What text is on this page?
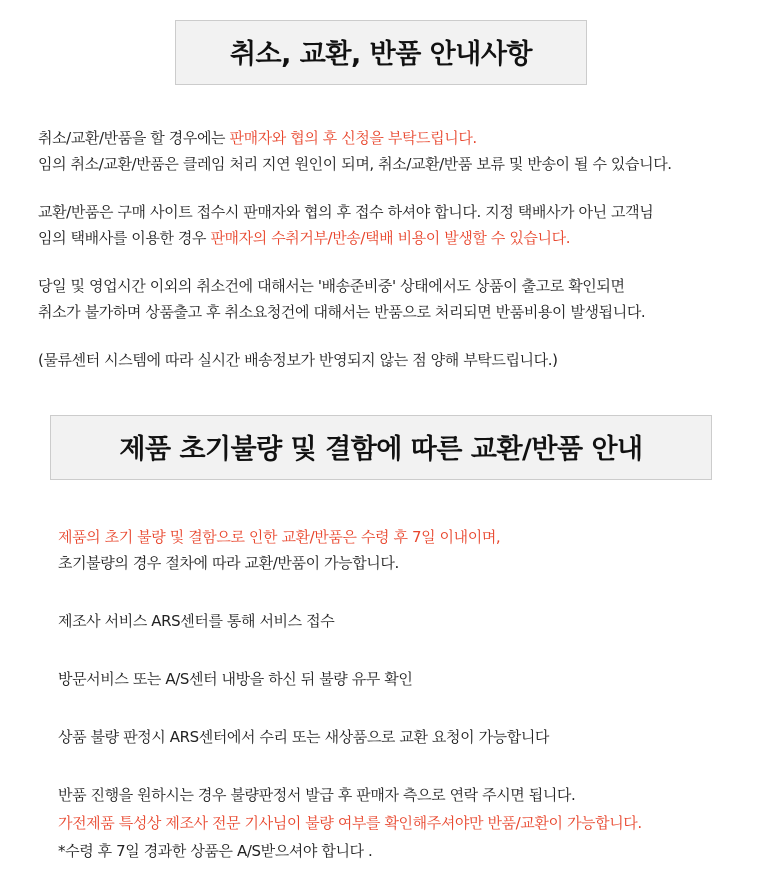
취소, 교환, 반품 안내사항

취소/교환/반품을 할 경우에는 판매자와 협의 후 신청을 부탁드립니다.
임의 취소/교환/반품은 클레임 처리 지연 원인이 되며, 취소/교환/반품 보류 및 반송이 될 수 있습니다.

교환/반품은 구매 사이트 접수시 판매자와 협의 후 접수 하셔야 합니다. 지정 택배사가 아닌 고객님
임의 택배사를 이용한 경우 판매자의 수취거부/반송/택배 비용이 발생할 수 있습니다.

당일 및 영업시간 이외의 취소건에 대해서는 '배송준비중' 상태에서도 상품이 출고로 확인되면
취소가 불가하며 상품출고 후 취소요청건에 대해서는 반품으로 처리되면 반품비용이 발생됩니다.

(물류센터 시스템에 따라 실시간 배송정보가 반영되지 않는 점 양해 부탁드립니다.)

제품 초기불량 및 결함에 따른 교환/반품 안내
제품의 초기 불량 및 결함으로 인한 교환/반품은 수령 후 7일 이내이며,
초기불량의 경우 절차에 따라 교환/반품이 가능합니다.
제조사 서비스 ARS센터를 통해 서비스 접수
방문서비스 또는 A/S센터 내방을 하신 뒤 불량 유무 확인
상품 불량 판정시 ARS센터에서 수리 또는 새상품으로 교환 요청이 가능합니다
반품 진행을 원하시는 경우 불량판정서 발급 후 판매자 측으로 연락 주시면 됩니다.
가전제품 특성상 제조사 전문 기사님이 불량 여부를 확인해주셔야만 반품/교환이 가능합니다.
*수령 후 7일 경과한 상품은 A/S받으셔야 합니다 .
